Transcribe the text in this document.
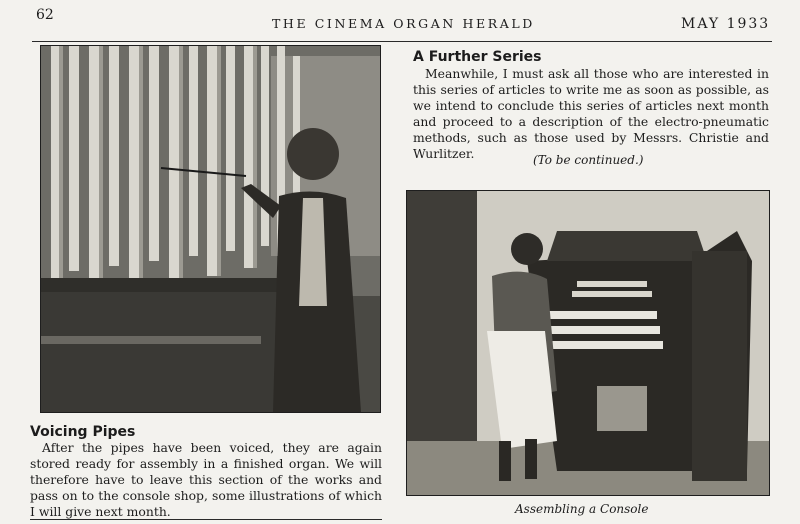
62
THE CINEMA ORGAN HERALD	MAY 1933
A Further Series
Meanwhile, I must ask all those who are interested in this series of articles to write me as soon as possible, as we intend to conclude this series of articles next month and proceed to a description of the electro-pneumatic methods, such as those used by Messrs. Christie and Wurlitzer.	(To be continued.)
Voicing Pipes
After the pipes have been voiced, they are again stored ready for assembly in a finished organ. We will therefore have to leave this section of the works and pass on to the console shop, some illustrations of which I will give next month.	Assembling a Console
